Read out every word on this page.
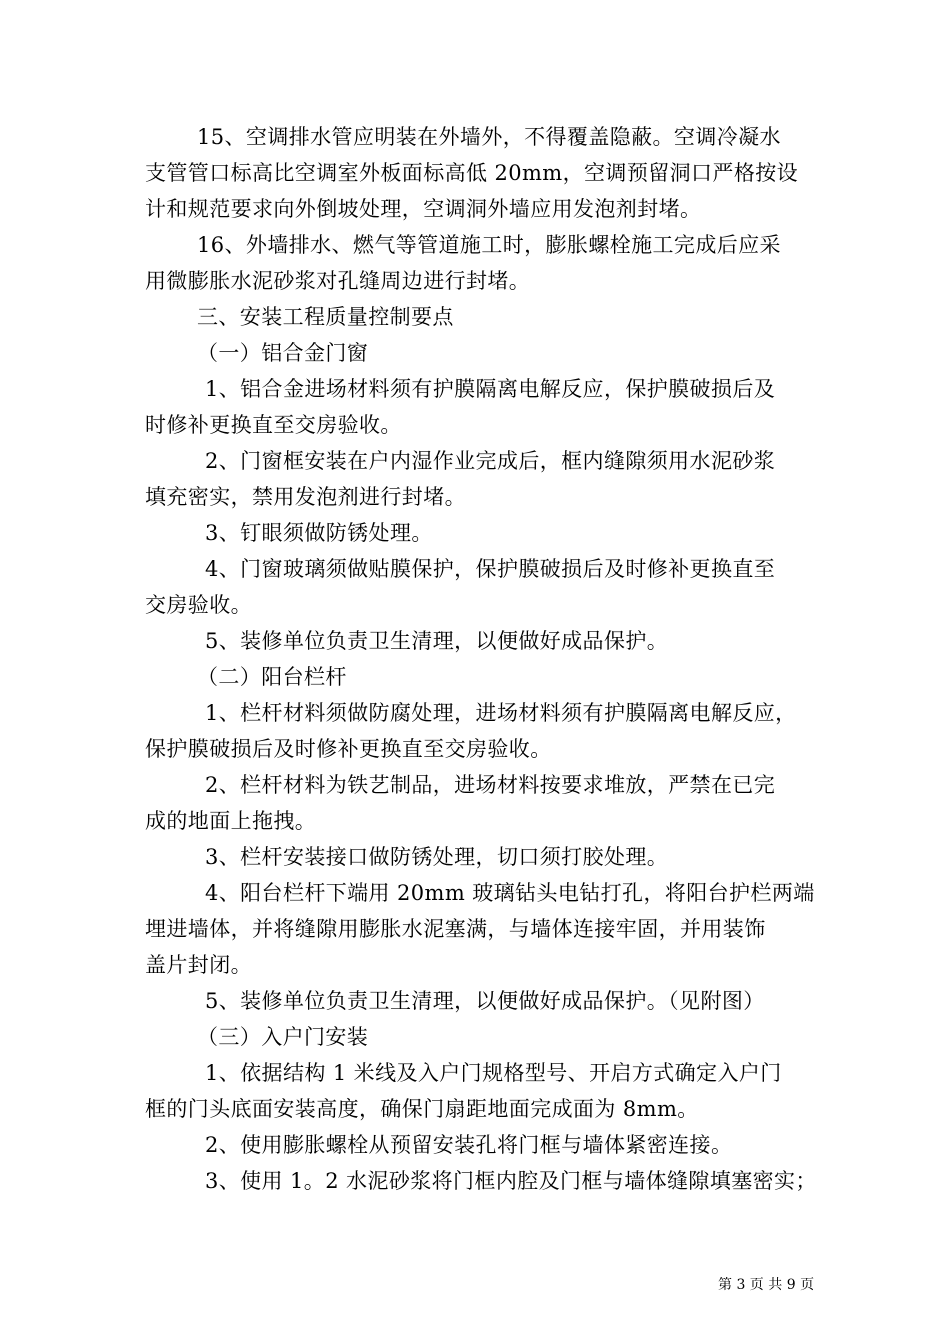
15、空调排水管应明装在外墙外，不得覆盖隐蔽。空调冷凝水
支管管口标高比空调室外板面标高低 20mm，空调预留洞口严格按设
计和规范要求向外倒坡处理，空调洞外墙应用发泡剂封堵。
16、外墙排水、燃气等管道施工时，膨胀螺栓施工完成后应采
用微膨胀水泥砂浆对孔缝周边进行封堵。
三、安装工程质量控制要点
（一）铝合金门窗
1、铝合金进场材料须有护膜隔离电解反应，保护膜破损后及
时修补更换直至交房验收。
2、门窗框安装在户内湿作业完成后，框内缝隙须用水泥砂浆
填充密实，禁用发泡剂进行封堵。
3、钉眼须做防锈处理。
4、门窗玻璃须做贴膜保护，保护膜破损后及时修补更换直至
交房验收。
5、装修单位负责卫生清理，以便做好成品保护。
（二）阳台栏杆
1、栏杆材料须做防腐处理，进场材料须有护膜隔离电解反应，
保护膜破损后及时修补更换直至交房验收。
2、栏杆材料为铁艺制品，进场材料按要求堆放，严禁在已完
成的地面上拖拽。
3、栏杆安装接口做防锈处理，切口须打胶处理。
4、阳台栏杆下端用 20mm 玻璃钻头电钻打孔，将阳台护栏两端
埋进墙体，并将缝隙用膨胀水泥塞满，与墙体连接牢固，并用装饰
盖片封闭。
5、装修单位负责卫生清理，以便做好成品保护。（见附图）
（三）入户门安装
1、依据结构 1 米线及入户门规格型号、开启方式确定入户门
框的门头底面安装高度，确保门扇距地面完成面为 8mm。
2、使用膨胀螺栓从预留安装孔将门框与墙体紧密连接。
3、使用 1。2 水泥砂浆将门框内腔及门框与墙体缝隙填塞密实；
第 3 页 共 9 页
